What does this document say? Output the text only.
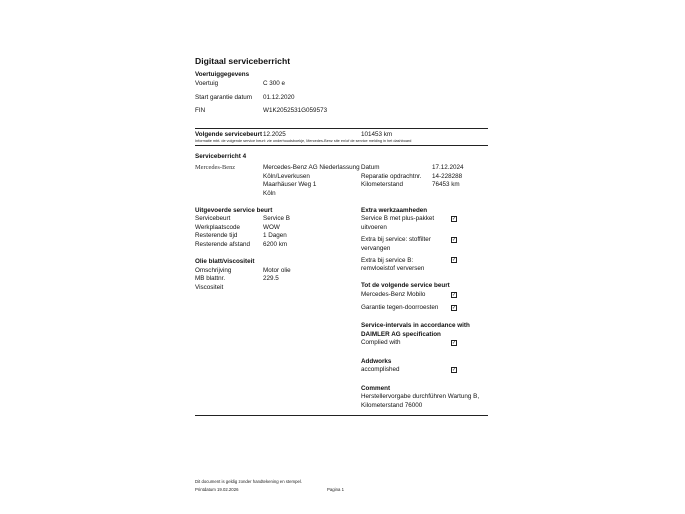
Digitaal serviceberricht
Voertuiggegevens
Voertuig	C 300 e
Start garantie datum 01.12.2020
FIN	W1K2052531G059573
Volgende servicebeurt 12.2025	101453 km
Informatie mbt. de volgende service beurt: zie onderhoudsboekje, Mercedes-Benz site en/of de service melding in het dashboard
Serviceberricht 4
Mercedes-Benz	Mercedes-Benz AG Niederlassung
Köln/Leverkusen
Maarhäuser Weg 1
Köln
Datum	17.12.2024
Reparatie opdrachtnr. 14-228288
Kilometerstand	76453 km
Uitgevoerde service beurt
Servicebeurt	Service B
Werkplaatscode	WOW
Resterende tijd	1 Dagen
Resterende afstand 6200 km
Olie blatt/viscositeit
Omschrijving	Motor olie
MB blattnr.	229.5
Viscositeit
Extra werkzaamheden
Service B met plus-pakket
uitvoeren
✓
Extra bij service: stoffilter
vervangen
✓
Extra bij service B:
remvloeistof verversen
✓
Tot de volgende service beurt
Mercedes-Benz Mobilo	✓
Garantie tegen-doorroesten	✓
Service-intervals in accordance with
DAIMLER AG specification
Complied with	✓
Addworks
accomplished	✓
Comment
Herstellervorgabe durchführen Wartung B,
Kilometerstand 76000
Dit document is geldig zonder handtekening en stempel.
Printdatum 19.02.2026	Pagina 1
